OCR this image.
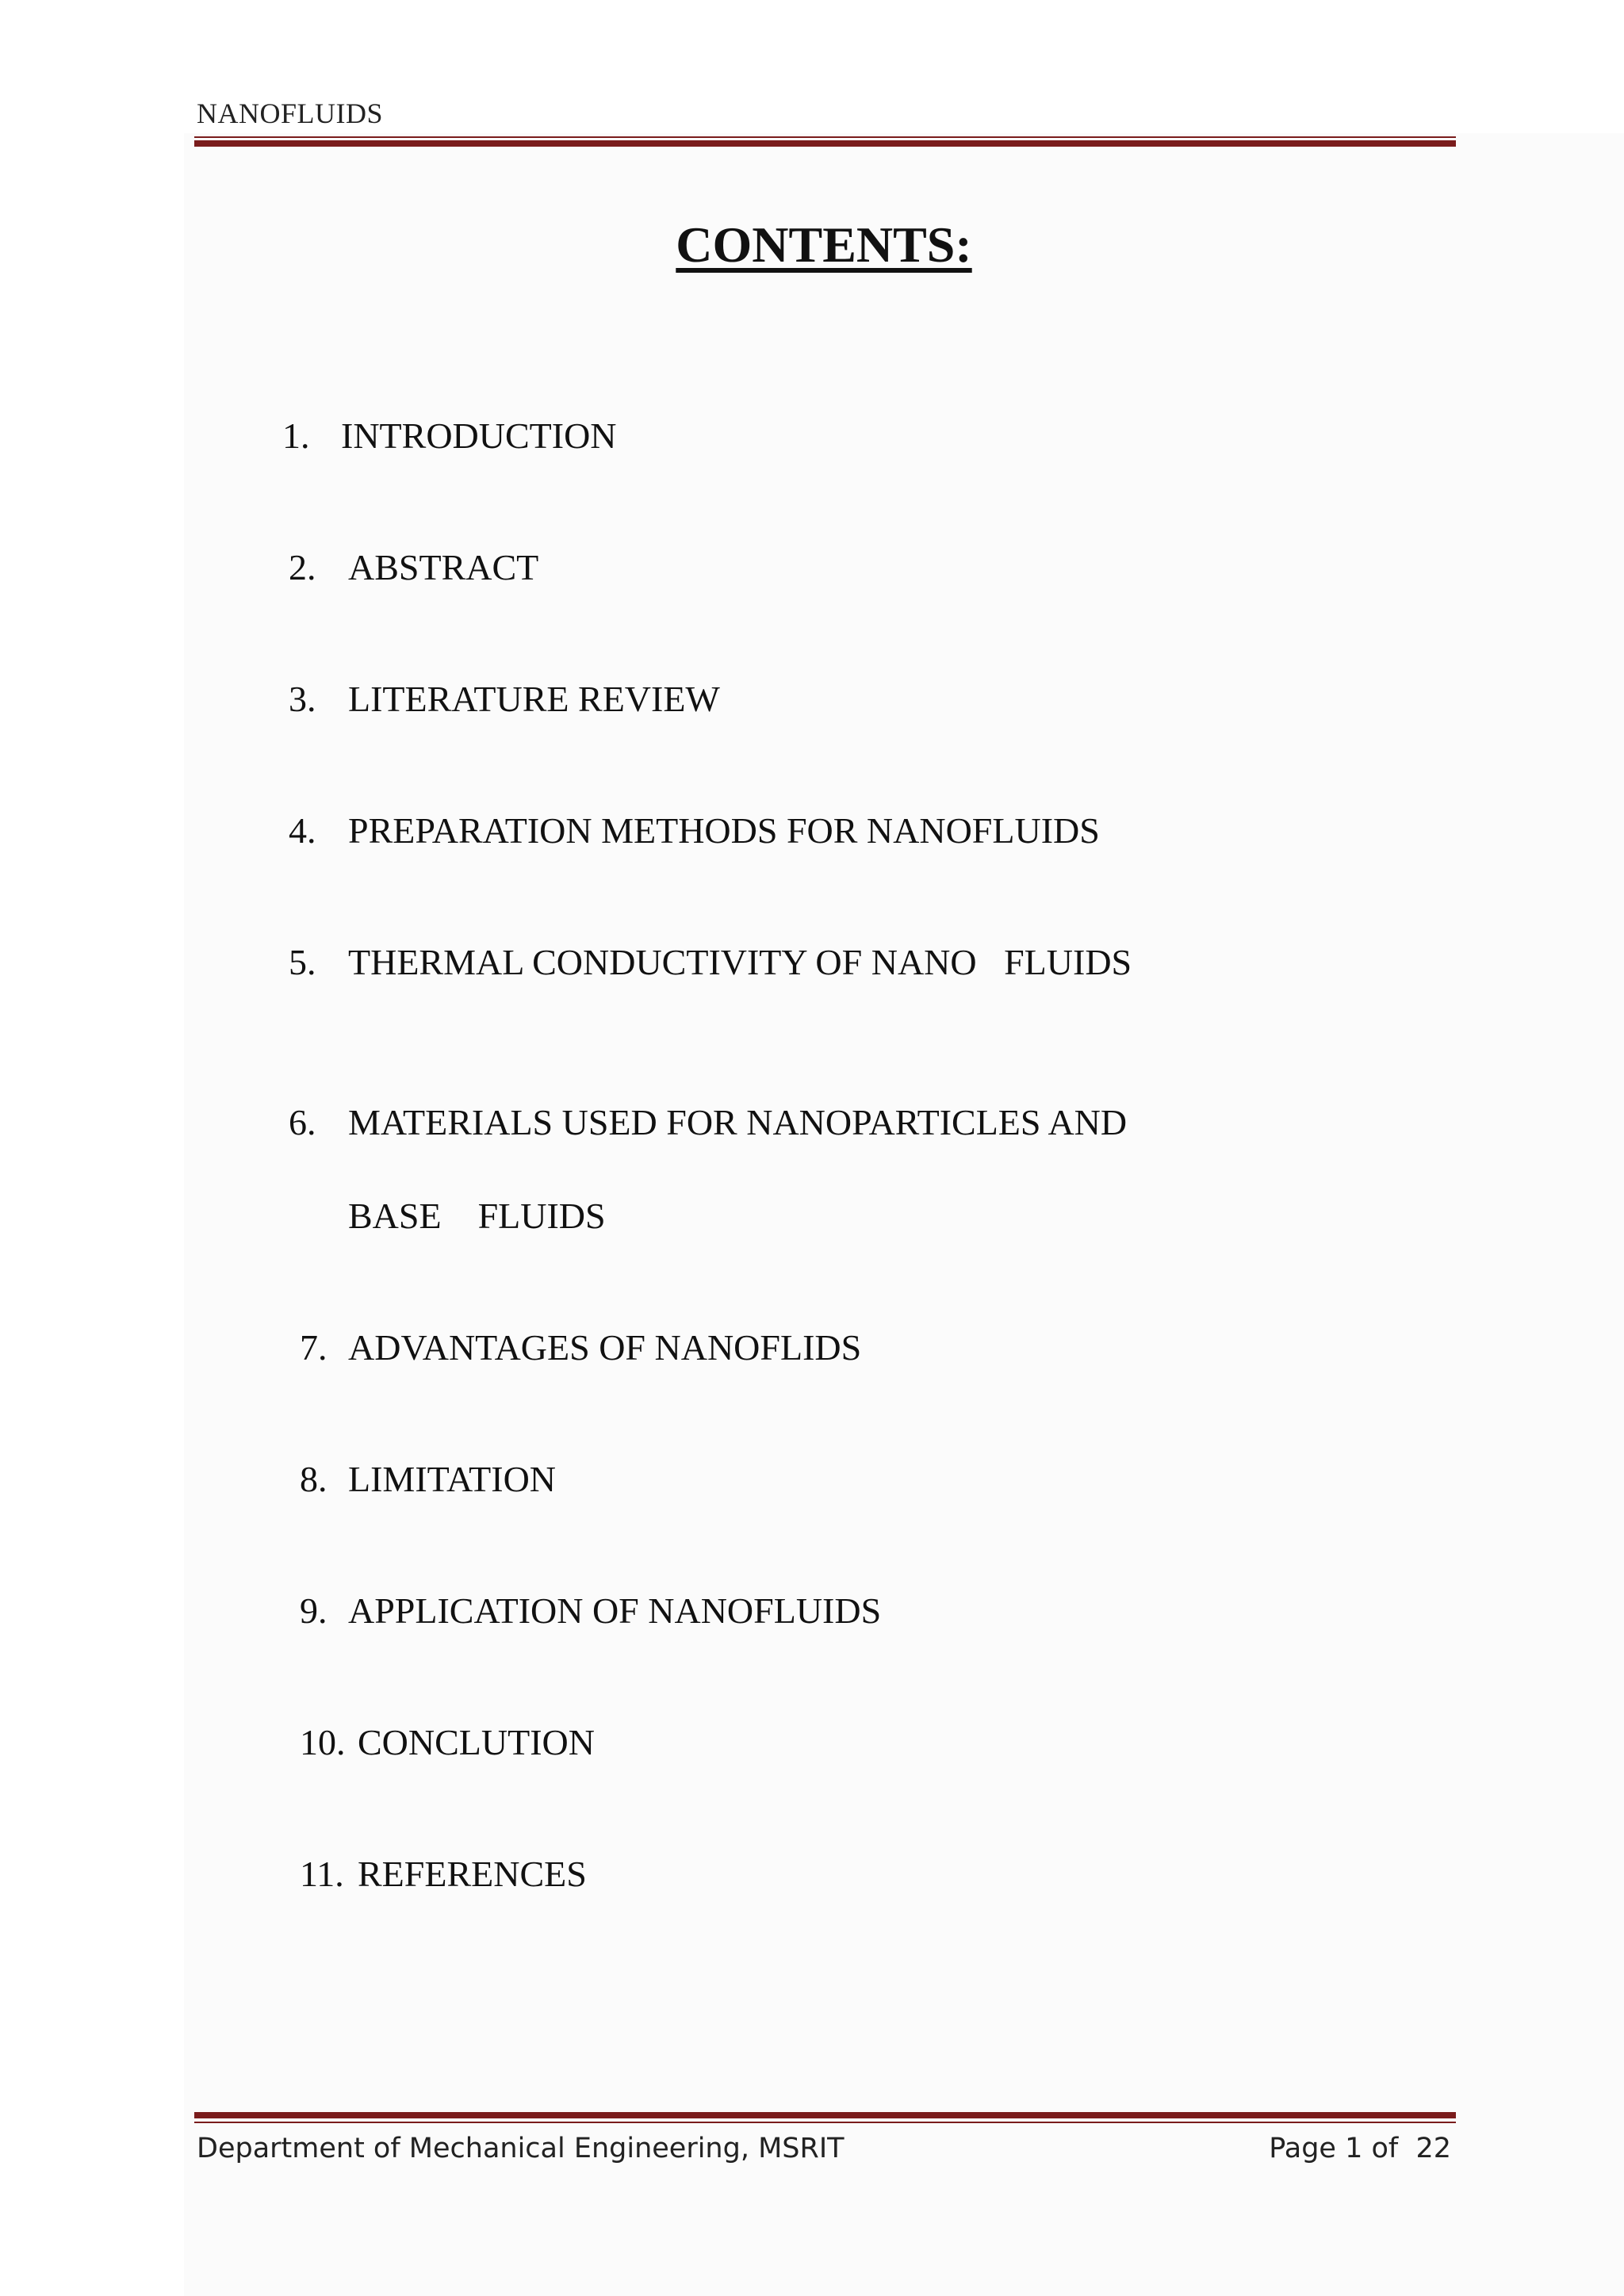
NANOFLUIDS
CONTENTS:

1. INTRODUCTION

2. ABSTRACT

3. LITERATURE REVIEW

4. PREPARATION METHODS FOR NANOFLUIDS

5. THERMAL CONDUCTIVITY OF NANO   FLUIDS

6. MATERIALS USED FOR NANOPARTICLES AND

BASE    FLUIDS

7. ADVANTAGES OF NANOFLIDS

8. LIMITATION

9. APPLICATION OF NANOFLUIDS

10. CONCLUTION

11. REFERENCES

Department of Mechanical Engineering, MSRIT	Page 1 of  22
